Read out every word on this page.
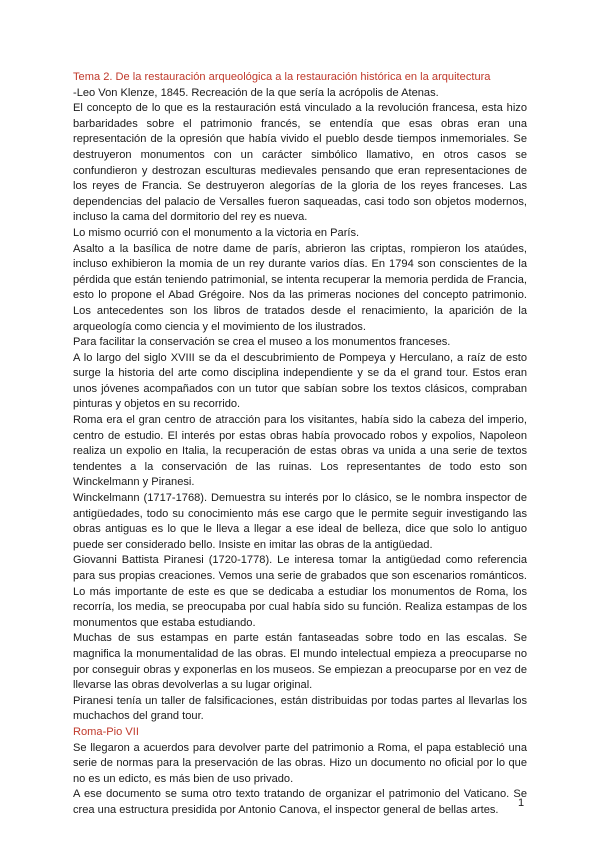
Tema 2. De la restauración arqueológica a la restauración histórica en la arquitectura

-Leo Von Klenze, 1845. Recreación de la que sería la acrópolis de Atenas.

El concepto de lo que es la restauración está vinculado a la revolución francesa, esta hizo barbaridades sobre el patrimonio francés, se entendía que esas obras eran una representación de la opresión que había vivido el pueblo desde tiempos inmemoriales. Se destruyeron monumentos con un carácter simbólico llamativo, en otros casos se confundieron y destrozan esculturas medievales pensando que eran representaciones de los reyes de Francia. Se destruyeron alegorías de la gloria de los reyes franceses. Las dependencias del palacio de Versalles fueron saqueadas, casi todo son objetos modernos, incluso la cama del dormitorio del rey es nueva.

Lo mismo ocurrió con el monumento a la victoria en París.

Asalto a la basílica de notre dame de parís, abrieron las criptas, rompieron los ataúdes, incluso exhibieron la momia de un rey durante varios días. En 1794 son conscientes de la pérdida que están teniendo patrimonial, se intenta recuperar la memoria perdida de Francia, esto lo propone el Abad Grégoire. Nos da las primeras nociones del concepto patrimonio. Los antecedentes son los libros de tratados desde el renacimiento, la aparición de la arqueología como ciencia y el movimiento de los ilustrados.

Para facilitar la conservación se crea el museo a los monumentos franceses.

A lo largo del siglo XVIII se da el descubrimiento de Pompeya y Herculano, a raíz de esto surge la historia del arte como disciplina independiente y se da el grand tour. Estos eran unos jóvenes acompañados con un tutor que sabían sobre los textos clásicos, compraban pinturas y objetos en su recorrido.

Roma era el gran centro de atracción para los visitantes, había sido la cabeza del imperio, centro de estudio. El interés por estas obras había provocado robos y expolios, Napoleon realiza un expolio en Italia, la recuperación de estas obras va unida a una serie de textos tendentes a la conservación de las ruinas. Los representantes de todo esto son Winckelmann y Piranesi.

Winckelmann (1717-1768). Demuestra su interés por lo clásico, se le nombra inspector de antigüedades, todo su conocimiento más ese cargo que le permite seguir investigando las obras antiguas es lo que le lleva a llegar a ese ideal de belleza, dice que solo lo antiguo puede ser considerado bello. Insiste en imitar las obras de la antigüedad.

Giovanni Battista Piranesi (1720-1778). Le interesa tomar la antigüedad como referencia para sus propias creaciones. Vemos una serie de grabados que son escenarios románticos. Lo más importante de este es que se dedicaba a estudiar los monumentos de Roma, los recorría, los media, se preocupaba por cual había sido su función. Realiza estampas de los monumentos que estaba estudiando.

Muchas de sus estampas en parte están fantaseadas sobre todo en las escalas. Se magnifica la monumentalidad de las obras. El mundo intelectual empieza a preocuparse no por conseguir obras y exponerlas en los museos. Se empiezan a preocuparse por en vez de llevarse las obras devolverlas a su lugar original.

Piranesi tenía un taller de falsificaciones, están distribuidas por todas partes al llevarlas los muchachos del grand tour.

Roma-Pio VII

Se llegaron a acuerdos para devolver parte del patrimonio a Roma, el papa estableció una serie de normas para la preservación de las obras. Hizo un documento no oficial por lo que no es un edicto, es más bien de uso privado.

A ese documento se suma otro texto tratando de organizar el patrimonio del Vaticano. Se crea una estructura presidida por Antonio Canova, el inspector general de bellas artes.

1
